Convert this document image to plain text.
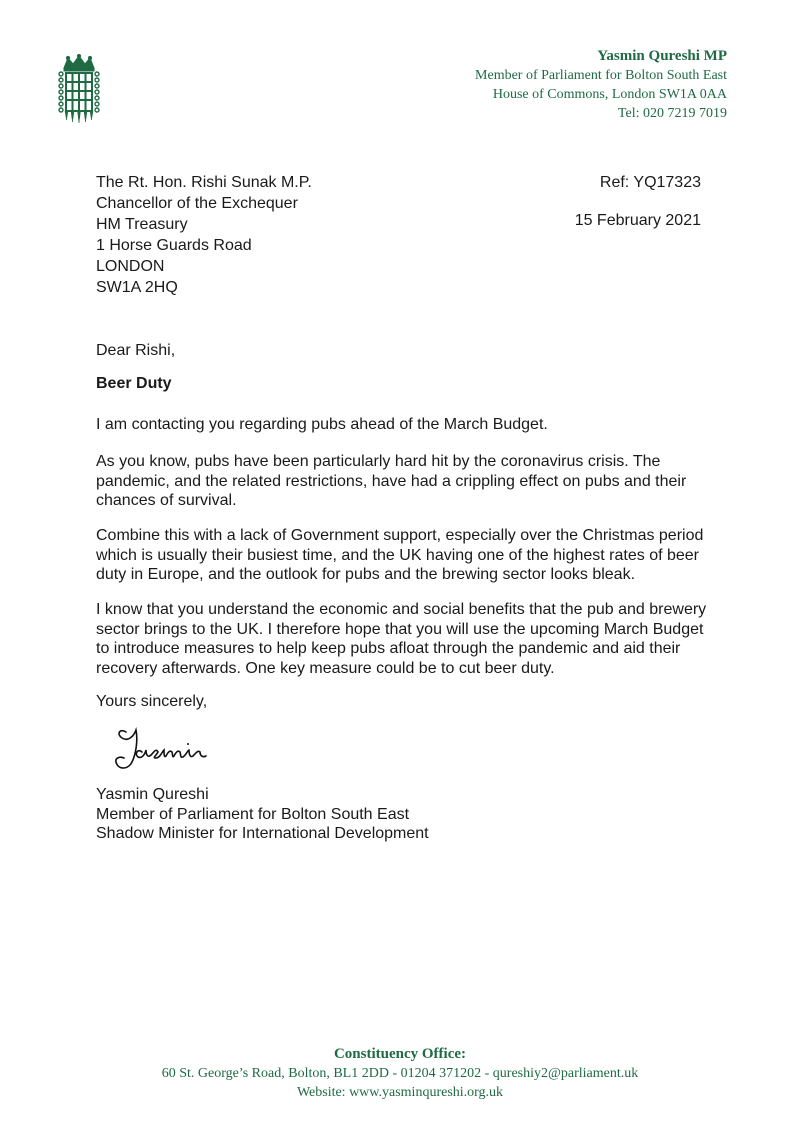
Yasmin Qureshi MP
Member of Parliament for Bolton South East
House of Commons, London SW1A 0AA
Tel: 020 7219 7019
The Rt. Hon. Rishi Sunak M.P.
Chancellor of the Exchequer
HM Treasury
1 Horse Guards Road
LONDON
SW1A 2HQ
Ref: YQ17323
15 February 2021
Dear Rishi,
Beer Duty
I am contacting you regarding pubs ahead of the March Budget.
As you know, pubs have been particularly hard hit by the coronavirus crisis. The pandemic, and the related restrictions, have had a crippling effect on pubs and their chances of survival.
Combine this with a lack of Government support, especially over the Christmas period which is usually their busiest time, and the UK having one of the highest rates of beer duty in Europe, and the outlook for pubs and the brewing sector looks bleak.
I know that you understand the economic and social benefits that the pub and brewery sector brings to the UK. I therefore hope that you will use the upcoming March Budget to introduce measures to help keep pubs afloat through the pandemic and aid their recovery afterwards. One key measure could be to cut beer duty.
Yours sincerely,
Yasmin Qureshi
Member of Parliament for Bolton South East
Shadow Minister for International Development
Constituency Office:
60 St. George’s Road, Bolton, BL1 2DD - 01204 371202 - qureshiy2@parliament.uk
Website: www.yasminqureshi.org.uk
